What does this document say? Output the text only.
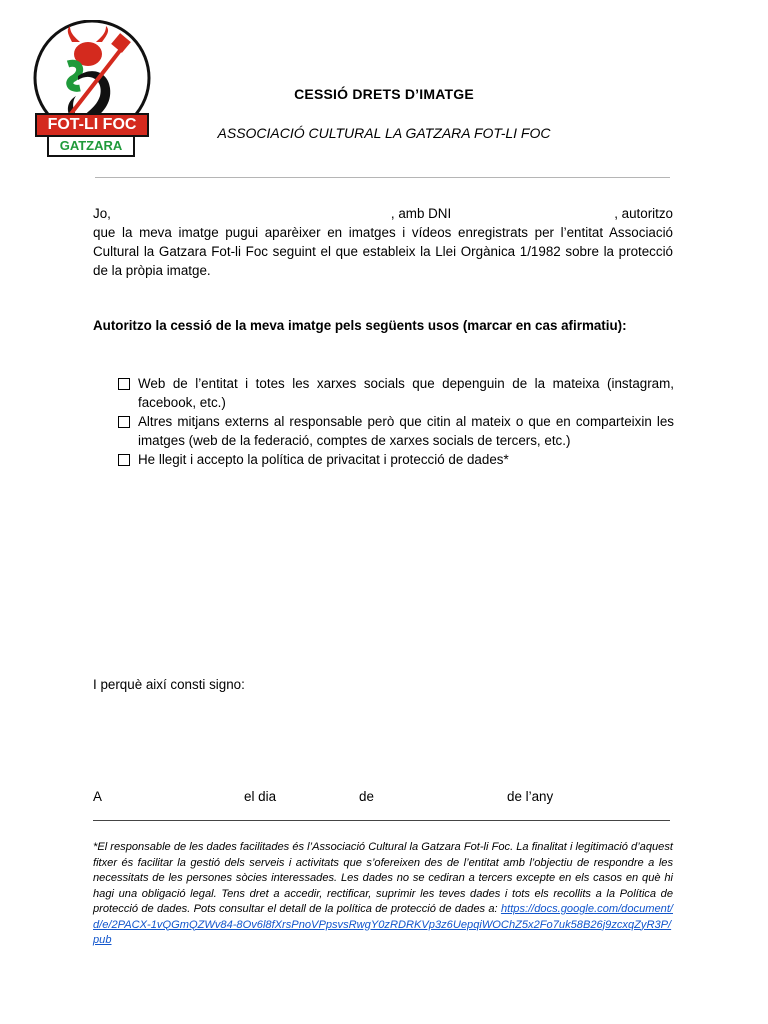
FOT-LI FOC
GATZARA
CESSIÓ DRETS D’IMATGE
ASSOCIACIÓ CULTURAL LA GATZARA FOT-LI FOC
Jo,	, amb DNI	, autoritzo
que la meva imatge pugui aparèixer en imatges i vídeos enregistrats per l’entitat Associació Cultural la Gatzara Fot-li Foc seguint el que estableix la Llei Orgànica 1/1982 sobre la protecció de la pròpia imatge.
Autoritzo la cessió de la meva imatge pels següents usos (marcar en cas afirmatiu):
Web de l’entitat i totes les xarxes socials que depenguin de la mateixa (instagram, facebook, etc.)
Altres mitjans externs al responsable però que citin al mateix o que en comparteixin les imatges (web de la federació, comptes de xarxes socials de tercers, etc.)
He llegit i accepto la política de privacitat i protecció de dades*
I perquè així consti signo:
A	el dia	de	de l’any
*El responsable de les dades facilitades és l’Associació Cultural la Gatzara Fot-li Foc. La finalitat i legitimació d’aquest fitxer és facilitar la gestió dels serveis i activitats que s’ofereixen des de l’entitat amb l’objectiu de respondre a les necessitats de les persones sòcies interessades. Les dades no se cediran a tercers excepte en els casos en què hi hagi una obligació legal. Tens dret a accedir, rectificar, suprimir les teves dades i tots els recollits a la Política de protecció de dades. Pots consultar el detall de la política de protecció de dades a: https://docs.google.com/document/d/e/2PACX-1vQGmQZWv84-8Ov6l8fXrsPnoVPpsvsRwgY0zRDRKVp3z6UepqiWOChZ5x2Fo7uk58B26j9zcxqZyR3P/pub
